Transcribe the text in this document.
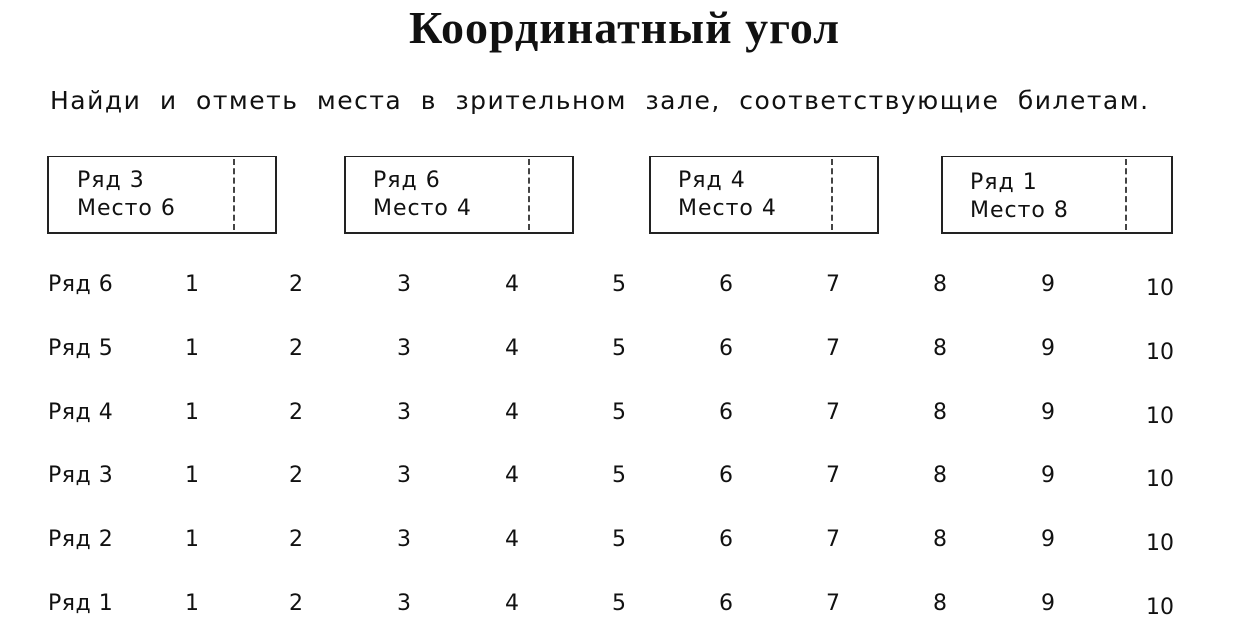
Координатный угол
Найди и отметь места в зрительном зале, соответствующие билетам.
Ряд 3
Место 6
Ряд 6
Место 4
Ряд 4
Место 4
Ряд 1
Место 8
Ряд 6	1	2	3	4	5	6	7	8	9	10
Ряд 5	1	2	3	4	5	6	7	8	9	10
Ряд 4	1	2	3	4	5	6	7	8	9	10
Ряд 3	1	2	3	4	5	6	7	8	9	10
Ряд 2	1	2	3	4	5	6	7	8	9	10
Ряд 1	1	2	3	4	5	6	7	8	9	10
